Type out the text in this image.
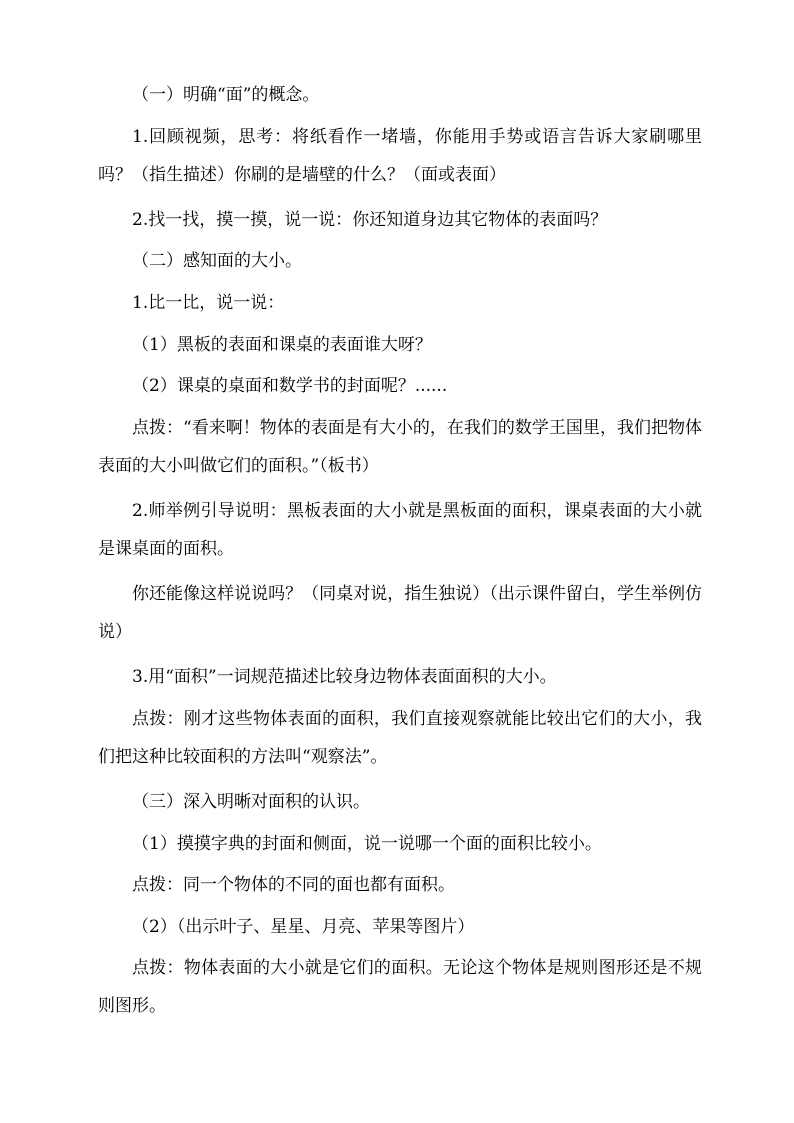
（一）明确“面”的概念。

1.回顾视频，思考：将纸看作一堵墙，你能用手势或语言告诉大家刷哪里吗？（指生描述）你刷的是墙壁的什么？（面或表面）

2.找一找，摸一摸，说一说：你还知道身边其它物体的表面吗？

（二）感知面的大小。

1.比一比，说一说：

（1）黑板的表面和课桌的表面谁大呀？

（2）课桌的桌面和数学书的封面呢？......

点拨：“看来啊！物体的表面是有大小的，在我们的数学王国里，我们把物体表面的大小叫做它们的面积。”（板书）

2.师举例引导说明：黑板表面的大小就是黑板面的面积，课桌表面的大小就是课桌面的面积。

你还能像这样说说吗？（同桌对说，指生独说）（出示课件留白，学生举例仿说）

3.用“面积”一词规范描述比较身边物体表面面积的大小。

点拨：刚才这些物体表面的面积，我们直接观察就能比较出它们的大小，我们把这种比较面积的方法叫“观察法”。

（三）深入明晰对面积的认识。

（1）摸摸字典的封面和侧面，说一说哪一个面的面积比较小。

点拨：同一个物体的不同的面也都有面积。

（2）（出示叶子、星星、月亮、苹果等图片）

点拨：物体表面的大小就是它们的面积。无论这个物体是规则图形还是不规则图形。
